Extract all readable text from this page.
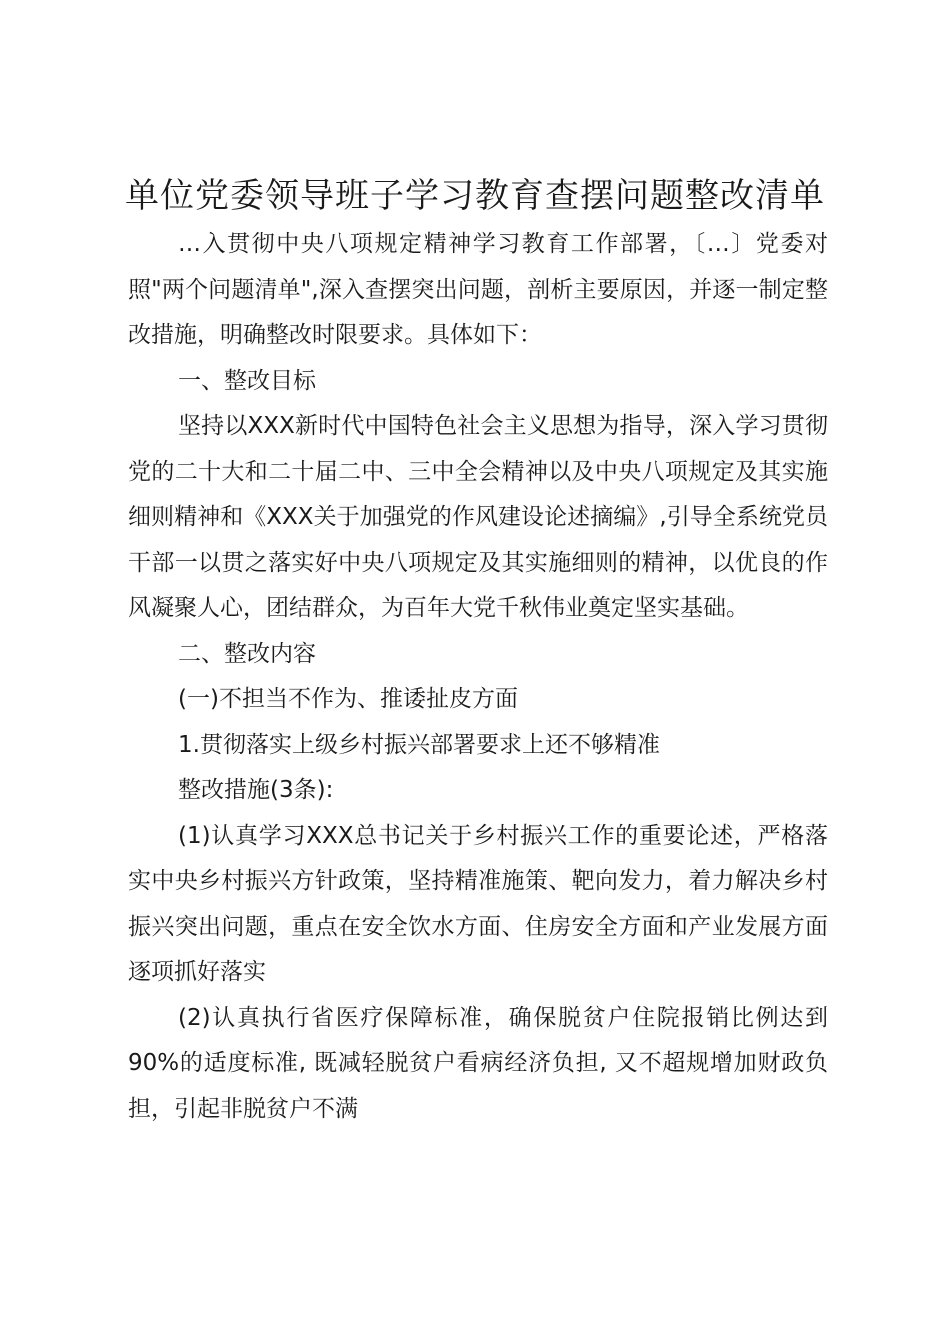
单位党委领导班子学习教育查摆问题整改清单

…入贯彻中央八项规定精神学习教育工作部署，〔…〕党委对照"两个问题清单",深入查摆突出问题，剖析主要原因，并逐一制定整改措施，明确整改时限要求。具体如下：

一、整改目标

坚持以XXX新时代中国特色社会主义思想为指导，深入学习贯彻党的二十大和二十届二中、三中全会精神以及中央八项规定及其实施细则精神和《XXX关于加强党的作风建设论述摘编》,引导全系统党员干部一以贯之落实好中央八项规定及其实施细则的精神，以优良的作风凝聚人心，团结群众，为百年大党千秋伟业奠定坚实基础。

二、整改内容

(一)不担当不作为、推诿扯皮方面

1.贯彻落实上级乡村振兴部署要求上还不够精准

整改措施(3条):

(1)认真学习XXX总书记关于乡村振兴工作的重要论述，严格落实中央乡村振兴方针政策，坚持精准施策、靶向发力，着力解决乡村振兴突出问题，重点在安全饮水方面、住房安全方面和产业发展方面逐项抓好落实

(2)认真执行省医疗保障标准，确保脱贫户住院报销比例达到90%的适度标准, 既减轻脱贫户看病经济负担, 又不超规增加财政负担，引起非脱贫户不满
